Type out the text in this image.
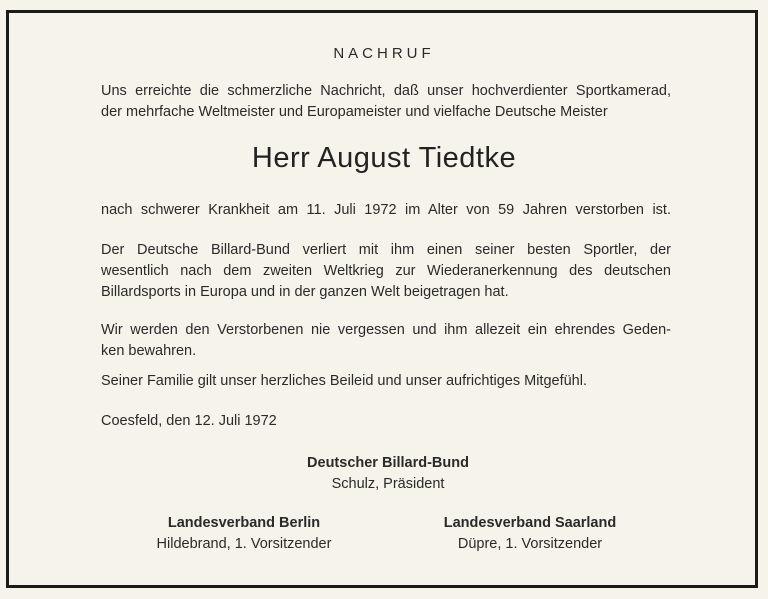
NACHRUF
Uns erreichte die schmerzliche Nachricht, daß unser hochverdienter Sportkamerad,
der mehrfache Weltmeister und Europameister und vielfache Deutsche Meister
Herr August Tiedtke
nach schwerer Krankheit am 11. Juli 1972 im Alter von 59 Jahren verstorben ist.
Der Deutsche Billard-Bund verliert mit ihm einen seiner besten Sportler, der
wesentlich nach dem zweiten Weltkrieg zur Wiederanerkennung des deutschen
Billardsports in Europa und in der ganzen Welt beigetragen hat.
Wir werden den Verstorbenen nie vergessen und ihm allezeit ein ehrendes Geden-
ken bewahren.
Seiner Familie gilt unser herzliches Beileid und unser aufrichtiges Mitgefühl.
Coesfeld, den 12. Juli 1972
Deutscher Billard-Bund
Schulz, Präsident
Landesverband Berlin
Hildebrand, 1. Vorsitzender
Landesverband Saarland
Düpre, 1. Vorsitzender
